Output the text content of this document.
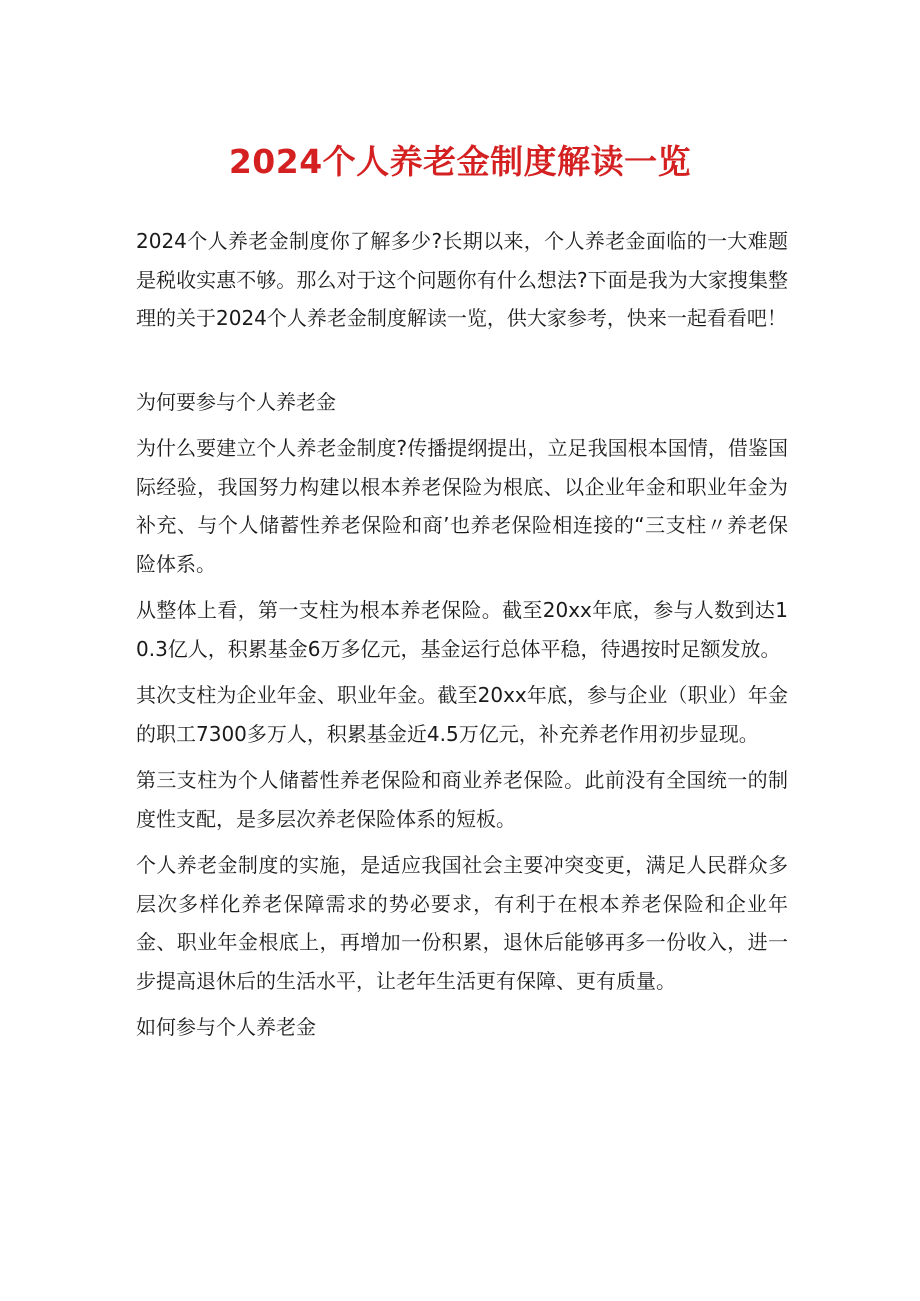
2024个人养老金制度解读一览

2024个人养老金制度你了解多少?长期以来，个人养老金面临的一大难题是税收实惠不够。那么对于这个问题你有什么想法?下面是我为大家搜集整理的关于2024个人养老金制度解读一览，供大家参考，快来一起看看吧！

为何要参与个人养老金

为什么要建立个人养老金制度?传播提纲提出，立足我国根本国情，借鉴国际经验，我国努力构建以根本养老保险为根底、以企业年金和职业年金为补充、与个人储蓄性养老保险和商’也养老保险相连接的“三支柱〃养老保险体系。

从整体上看，第一支柱为根本养老保险。截至20xx年底，参与人数到达10.3亿人，积累基金6万多亿元，基金运行总体平稳，待遇按时足额发放。

其次支柱为企业年金、职业年金。截至20xx年底，参与企业（职业）年金的职工7300多万人，积累基金近4.5万亿元，补充养老作用初步显现。

第三支柱为个人储蓄性养老保险和商业养老保险。此前没有全国统一的制度性支配，是多层次养老保险体系的短板。

个人养老金制度的实施，是适应我国社会主要冲突变更，满足人民群众多层次多样化养老保障需求的势必要求，有利于在根本养老保险和企业年金、职业年金根底上，再增加一份积累，退休后能够再多一份收入，进一步提高退休后的生活水平，让老年生活更有保障、更有质量。

如何参与个人养老金
